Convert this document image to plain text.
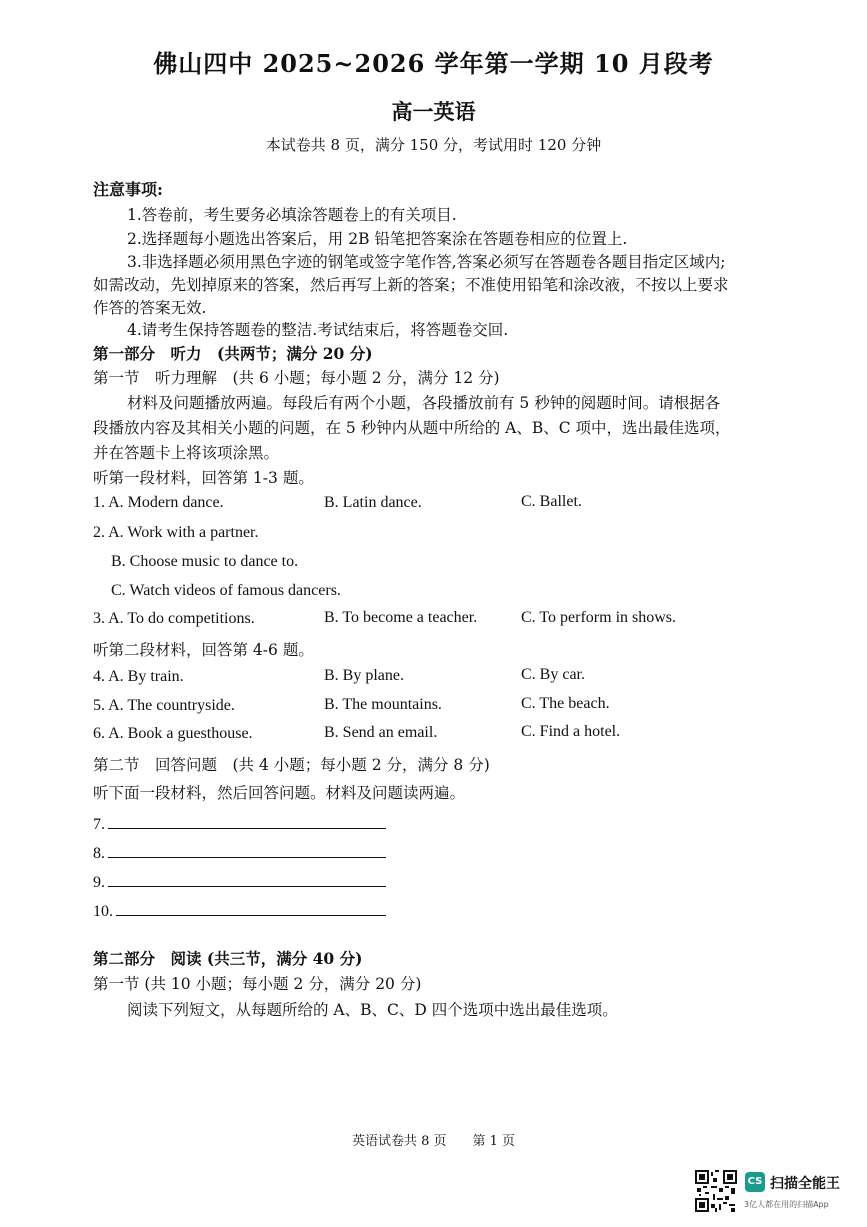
佛山四中 2025~2026 学年第一学期 10 月段考
高一英语
本试卷共 8 页，满分 150 分，考试用时 120 分钟
注意事项:
1.答卷前，考生要务必填涂答题卷上的有关项目.
2.选择题每小题选出答案后，用 2B 铅笔把答案涂在答题卷相应的位置上.
3.非选择题必须用黑色字迹的钢笔或签字笔作答,答案必须写在答题卷各题目指定区域内;
如需改动，先划掉原来的答案，然后再写上新的答案；不准使用铅笔和涂改液，不按以上要求
作答的答案无效.
4.请考生保持答题卷的整洁.考试结束后，将答题卷交回.
第一部分　听力　(共两节；满分 20 分)
第一节　听力理解　(共 6 小题；每小题 2 分，满分 12 分)
材料及问题播放两遍。每段后有两个小题，各段播放前有 5 秒钟的阅题时间。请根据各
段播放内容及其相关小题的问题，在 5 秒钟内从题中所给的 A、B、C 项中，选出最佳选项，
并在答题卡上将该项涂黑。
听第一段材料，回答第 1-3 题。
1. A. Modern dance.	B. Latin dance.	C. Ballet.
2. A. Work with a partner.
B. Choose music to dance to.
C. Watch videos of famous dancers.
3. A. To do competitions.	B. To become a teacher.	C. To perform in shows.
听第二段材料，回答第 4-6 题。
4. A. By train.	B. By plane.	C. By car.
5. A. The countryside.	B. The mountains.	C. The beach.
6. A. Book a guesthouse.	B. Send an email.	C. Find a hotel.
第二节　回答问题　(共 4 小题；每小题 2 分，满分 8 分)
听下面一段材料，然后回答问题。材料及问题读两遍。
7.
8.
9.
10.
第二部分　阅读 (共三节，满分 40 分)
第一节 (共 10 小题；每小题 2 分，满分 20 分)
阅读下列短文，从每题所给的 A、B、C、D 四个选项中选出最佳选项。
英语试卷共 8 页　　第 1 页
CS 扫描全能王
3亿人都在用的扫描App
